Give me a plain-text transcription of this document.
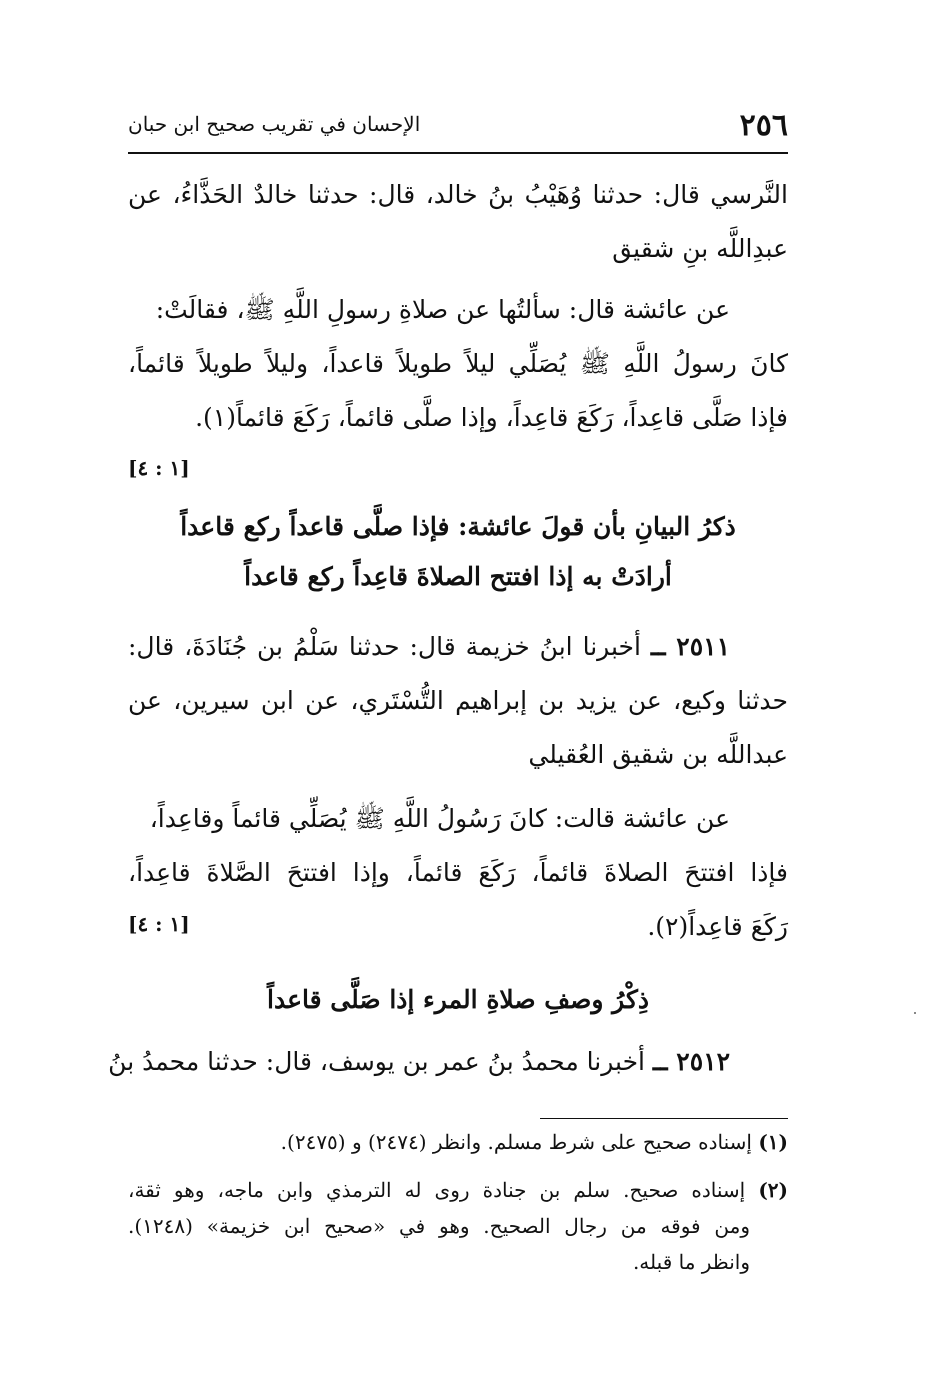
٢٥٦
الإحسان في تقريب صحيح ابن حبان
النَّرسي قال: حدثنا وُهَيْبُ بنُ خالد، قال: حدثنا خالدٌ الحَذَّاءُ، عن
عبدِاللَّه بنِ شقيق
عن عائشة قال: سألتُها عن صلاةِ رسولِ اللَّهِ ﷺ، فقالَتْ:
كانَ رسولُ اللَّهِ ﷺ يُصَلِّي ليلاً طويلاً قاعداً، وليلاً طويلاً قائماً،
فإذا صَلَّى قاعِداً، رَكَعَ قاعِداً، وإذا صلَّى قائماً، رَكَعَ قائماً(١).
[١ : ٤]
ذكرُ البيانِ بأن قولَ عائشة: فإذا صلَّى قاعداً ركع قاعداً
أرادَتْ به إذا افتتح الصلاةَ قاعِداً ركع قاعداً
٢٥١١ ــ أخبرنا ابنُ خزيمة قال: حدثنا سَلْمُ بن جُنَادَةَ، قال:
حدثنا وكيع، عن يزيد بن إبراهيم التُّسْتَري، عن ابن سيرين، عن
عبداللَّه بن شقيق العُقيلي
عن عائشة قالت: كانَ رَسُولُ اللَّهِ ﷺ يُصَلِّي قائماً وقاعِداً،
فإذا افتتحَ الصلاةَ قائماً، رَكَعَ قائماً، وإذا افتتحَ الصَّلاةَ قاعِداً،
رَكَعَ قاعِداً(٢).
[١ : ٤]
ذِكْرُ وصفِ صلاةِ المرء إذا صَلَّى قاعداً
٢٥١٢ ــ أخبرنا محمدُ بنُ عمر بن يوسف، قال: حدثنا محمدُ بنُ
(١) إسناده صحيح على شرط مسلم. وانظر (٢٤٧٤) و (٢٤٧٥).
(٢) إسناده صحيح. سلم بن جنادة روى له الترمذي وابن ماجه، وهو ثقة،
ومن فوقه من رجال الصحيح. وهو في «صحيح ابن خزيمة» (١٢٤٨).
وانظر ما قبله.
